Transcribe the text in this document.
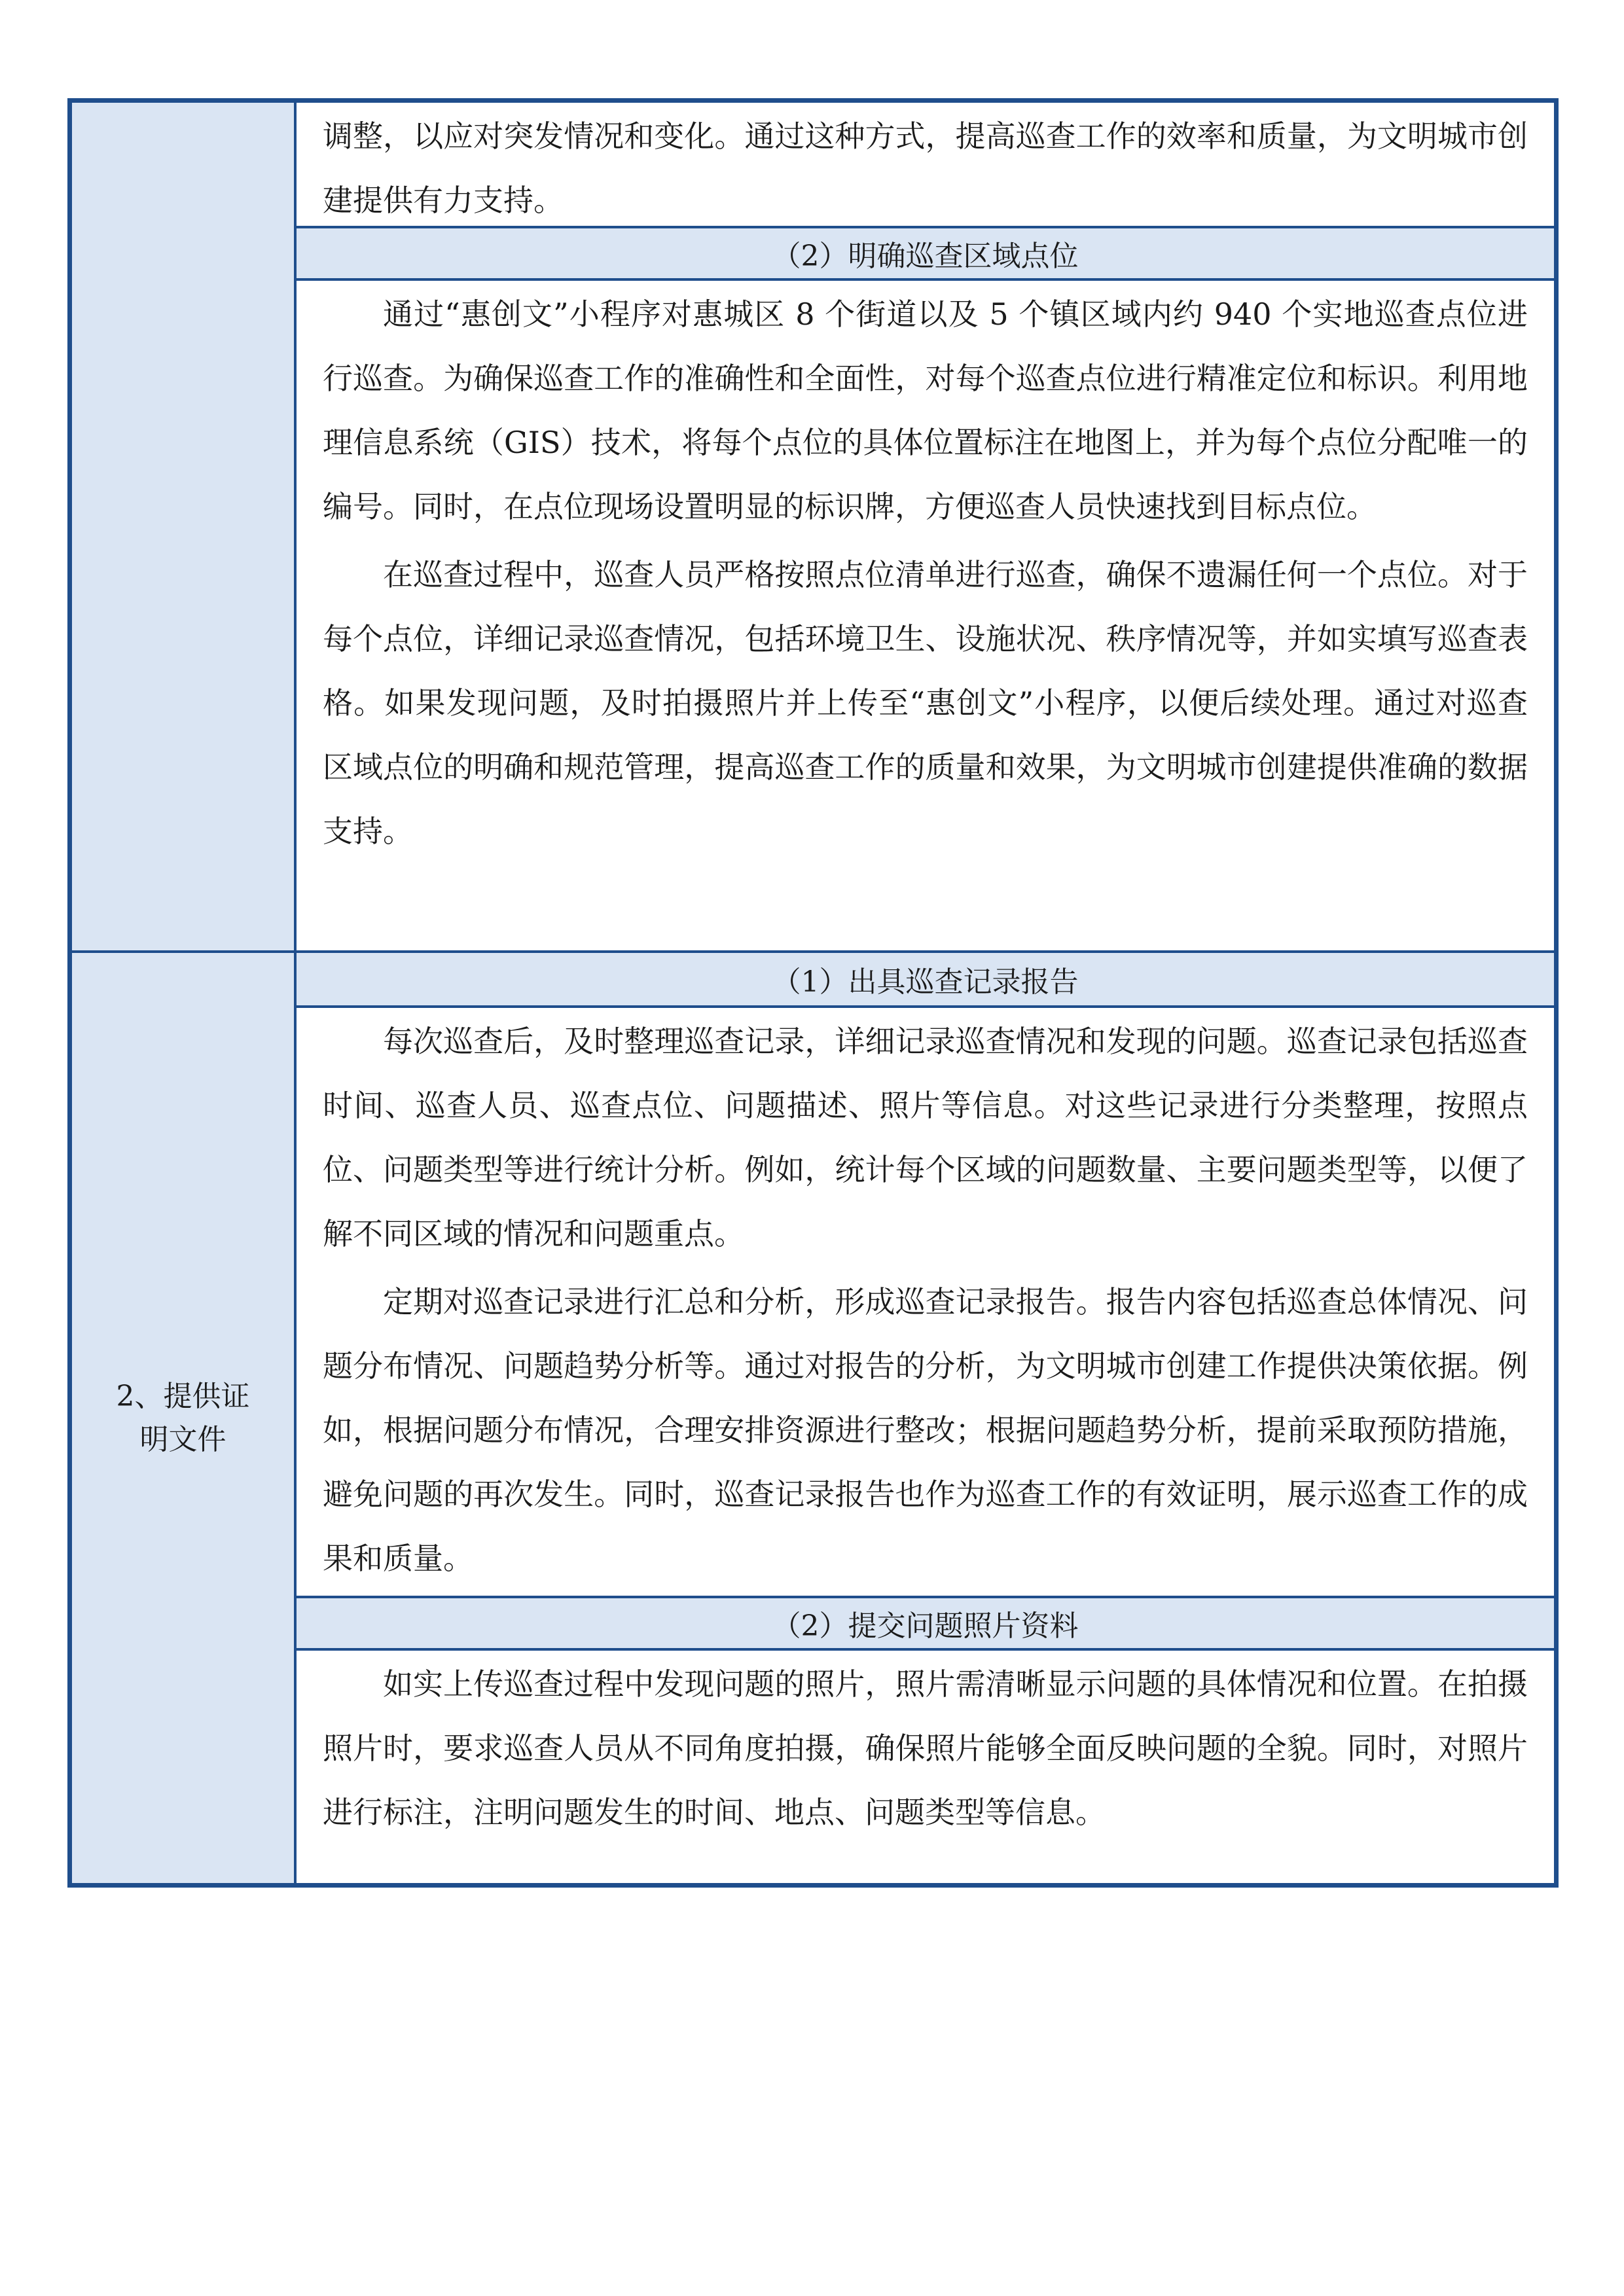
调整，以应对突发情况和变化。通过这种方式，提高巡查工作的效率和质量，为文明城市创建提供有力支持。

（2）明确巡查区域点位

通过“惠创文”小程序对惠城区 8 个街道以及 5 个镇区域内约 940 个实地巡查点位进行巡查。为确保巡查工作的准确性和全面性，对每个巡查点位进行精准定位和标识。利用地理信息系统（GIS）技术，将每个点位的具体位置标注在地图上，并为每个点位分配唯一的编号。同时，在点位现场设置明显的标识牌，方便巡查人员快速找到目标点位。

在巡查过程中，巡查人员严格按照点位清单进行巡查，确保不遗漏任何一个点位。对于每个点位，详细记录巡查情况，包括环境卫生、设施状况、秩序情况等，并如实填写巡查表格。如果发现问题，及时拍摄照片并上传至“惠创文”小程序，以便后续处理。通过对巡查区域点位的明确和规范管理，提高巡查工作的质量和效果，为文明城市创建提供准确的数据支持。

2、提供证明文件
（1）出具巡查记录报告

每次巡查后，及时整理巡查记录，详细记录巡查情况和发现的问题。巡查记录包括巡查时间、巡查人员、巡查点位、问题描述、照片等信息。对这些记录进行分类整理，按照点位、问题类型等进行统计分析。例如，统计每个区域的问题数量、主要问题类型等，以便了解不同区域的情况和问题重点。

定期对巡查记录进行汇总和分析，形成巡查记录报告。报告内容包括巡查总体情况、问题分布情况、问题趋势分析等。通过对报告的分析，为文明城市创建工作提供决策依据。例如，根据问题分布情况，合理安排资源进行整改；根据问题趋势分析，提前采取预防措施，避免问题的再次发生。同时，巡查记录报告也作为巡查工作的有效证明，展示巡查工作的成果和质量。

（2）提交问题照片资料

如实上传巡查过程中发现问题的照片，照片需清晰显示问题的具体情况和位置。在拍摄照片时，要求巡查人员从不同角度拍摄，确保照片能够全面反映问题的全貌。同时，对照片进行标注，注明问题发生的时间、地点、问题类型等信息。
